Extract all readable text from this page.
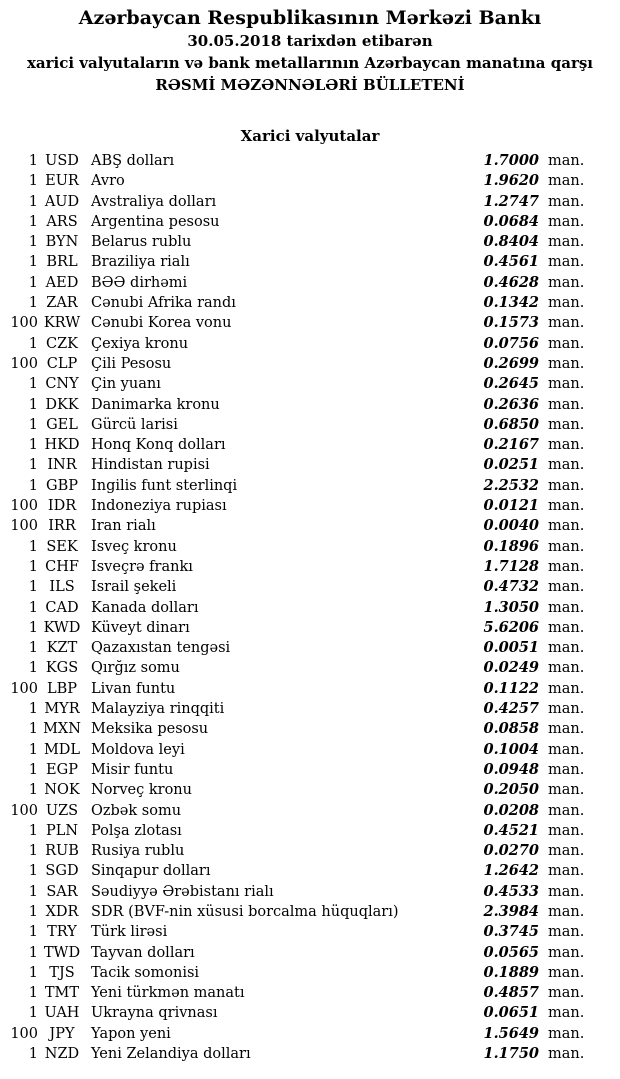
Azərbaycan Respublikasının Mərkəzi Bankı
30.05.2018 tarixdən etibarən
xarici valyutaların və bank metallarının Azərbaycan manatına qarşı
RƏSMİ MƏZƏNNƏLƏRİ BÜLLETENİ
Xarici valyutalar
1 USD ABŞ dolları	1.7000 man.
1 EUR Avro	1.9620 man.
1 AUD Avstraliya dolları	1.2747 man.
1 ARS Argentina pesosu	0.0684 man.
1 BYN Belarus rublu	0.8404 man.
1 BRL Braziliya rialı	0.4561 man.
1 AED BƏƏ dirhəmi	0.4628 man.
1 ZAR Cənubi Afrika randı	0.1342 man.
100 KRW Cənubi Korea vonu	0.1573 man.
1 CZK Çexiya kronu	0.0756 man.
100 CLP Çili Pesosu	0.2699 man.
1 CNY Çin yuanı	0.2645 man.
1 DKK Danimarka kronu	0.2636 man.
1 GEL Gürcü larisi	0.6850 man.
1 HKD Honq Konq dolları	0.2167 man.
1 INR Hindistan rupisi	0.0251 man.
1 GBP İngilis funt sterlinqi	2.2532 man.
100 IDR	İndoneziya rupiası	0.0121 man.
100 IRR	İran rialı	0.0040 man.
1 SEK İsveç kronu	0.1896 man.
1 CHF İsveçrə frankı	1.7128 man.
1 ILS	İsrail şekeli	0.4732 man.
1 CAD Kanada dolları	1.3050 man.
1 KWD Küveyt dinarı	5.6206 man.
1 KZT Qazaxıstan tengəsi	0.0051 man.
1 KGS Qırğız somu	0.0249 man.
100 LBP Livan funtu	0.1122 man.
1 MYR Malayziya rinqqiti	0.4257 man.
1 MXN Meksika pesosu	0.0858 man.
1 MDL Moldova leyi	0.1004 man.
1 EGP Misir funtu	0.0948 man.
1 NOK Norveç kronu	0.2050 man.
100 UZS Özbək somu	0.0208 man.
1 PLN Polşa zlotası	0.4521 man.
1 RUB Rusiya rublu	0.0270 man.
1 SGD Sinqapur dolları	1.2642 man.
1 SAR Səudiyyə Ərəbistanı rialı	0.4533 man.
1 XDR SDR (BVF-nin xüsusi borcalma hüquqları)	2.3984 man.
1 TRY Türk lirəsi	0.3745 man.
1 TWD Tayvan dolları	0.0565 man.
1 TJS	Tacik somonisi	0.1889 man.
1 TMT Yeni türkmən manatı	0.4857 man.
1 UAH Ukrayna qrivnası	0.0651 man.
100 JPY	Yapon yeni	1.5649 man.
1 NZD Yeni Zelandiya dolları	1.1750 man.
